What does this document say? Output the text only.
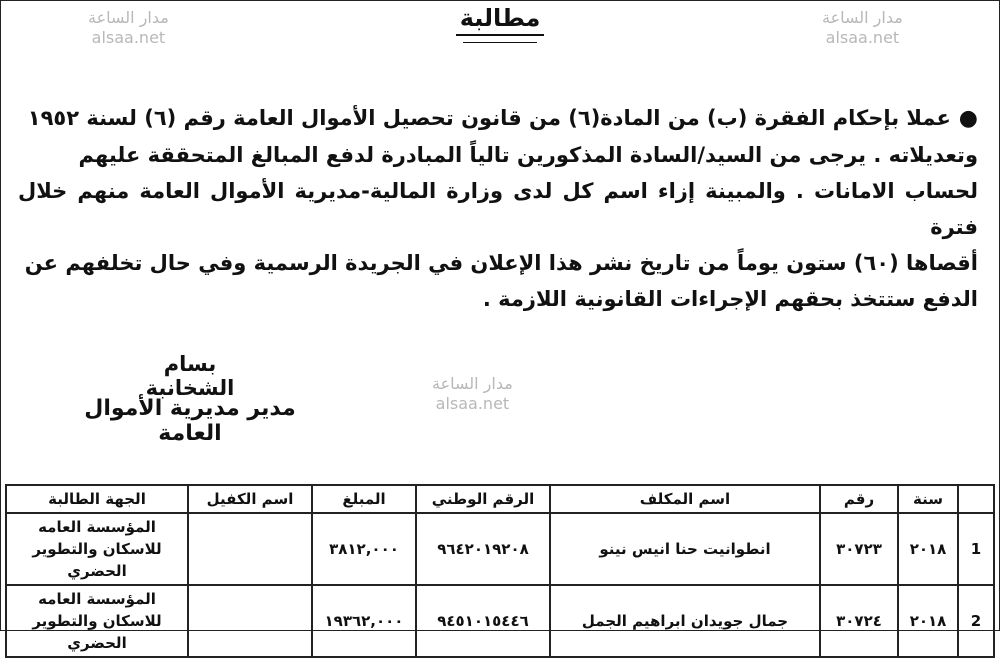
مطالبة
مدار الساعة
alsaa.net
مدار الساعة
alsaa.net
مدار الساعة
alsaa.net
●عملا بإحكام الفقرة (ب) من المادة(٦) من قانون تحصيل الأموال العامة رقم (٦) لسنة ١٩٥٢
وتعديلاته . يرجى من السيد/السادة المذكورين تالياً المبادرة لدفع المبالغ المتحققة عليهم
لحساب الامانات . والمبينة إزاء اسم كل لدى وزارة المالية-مديرية الأموال العامة منهم خلال فترة
أقصاها (٦٠) ستون يوماً من تاريخ نشر هذا الإعلان في الجريدة الرسمية وفي حال تخلفهم عن
الدفع ستتخذ بحقهم الإجراءات القانونية اللازمة .
بسام الشخانبة
مدير مديرية الأموال العامة
	سنة	رقم	اسم المكلف	الرقم الوطني	المبلغ	اسم الكفيل	الجهة الطالبة
1	٢٠١٨	٣٠٧٢٣	انطوانيت حنا انيس نينو	٩٦٤٢٠١٩٢٠٨	٣٨١٢,٠٠٠		المؤسسة العامه للاسكان والتطوير الحضري
2	٢٠١٨	٣٠٧٢٤	جمال جويدان ابراهيم الجمل	٩٤٥١٠١٥٤٤٦	١٩٣٦٢,٠٠٠		المؤسسة العامه للاسكان والتطوير الحضري
